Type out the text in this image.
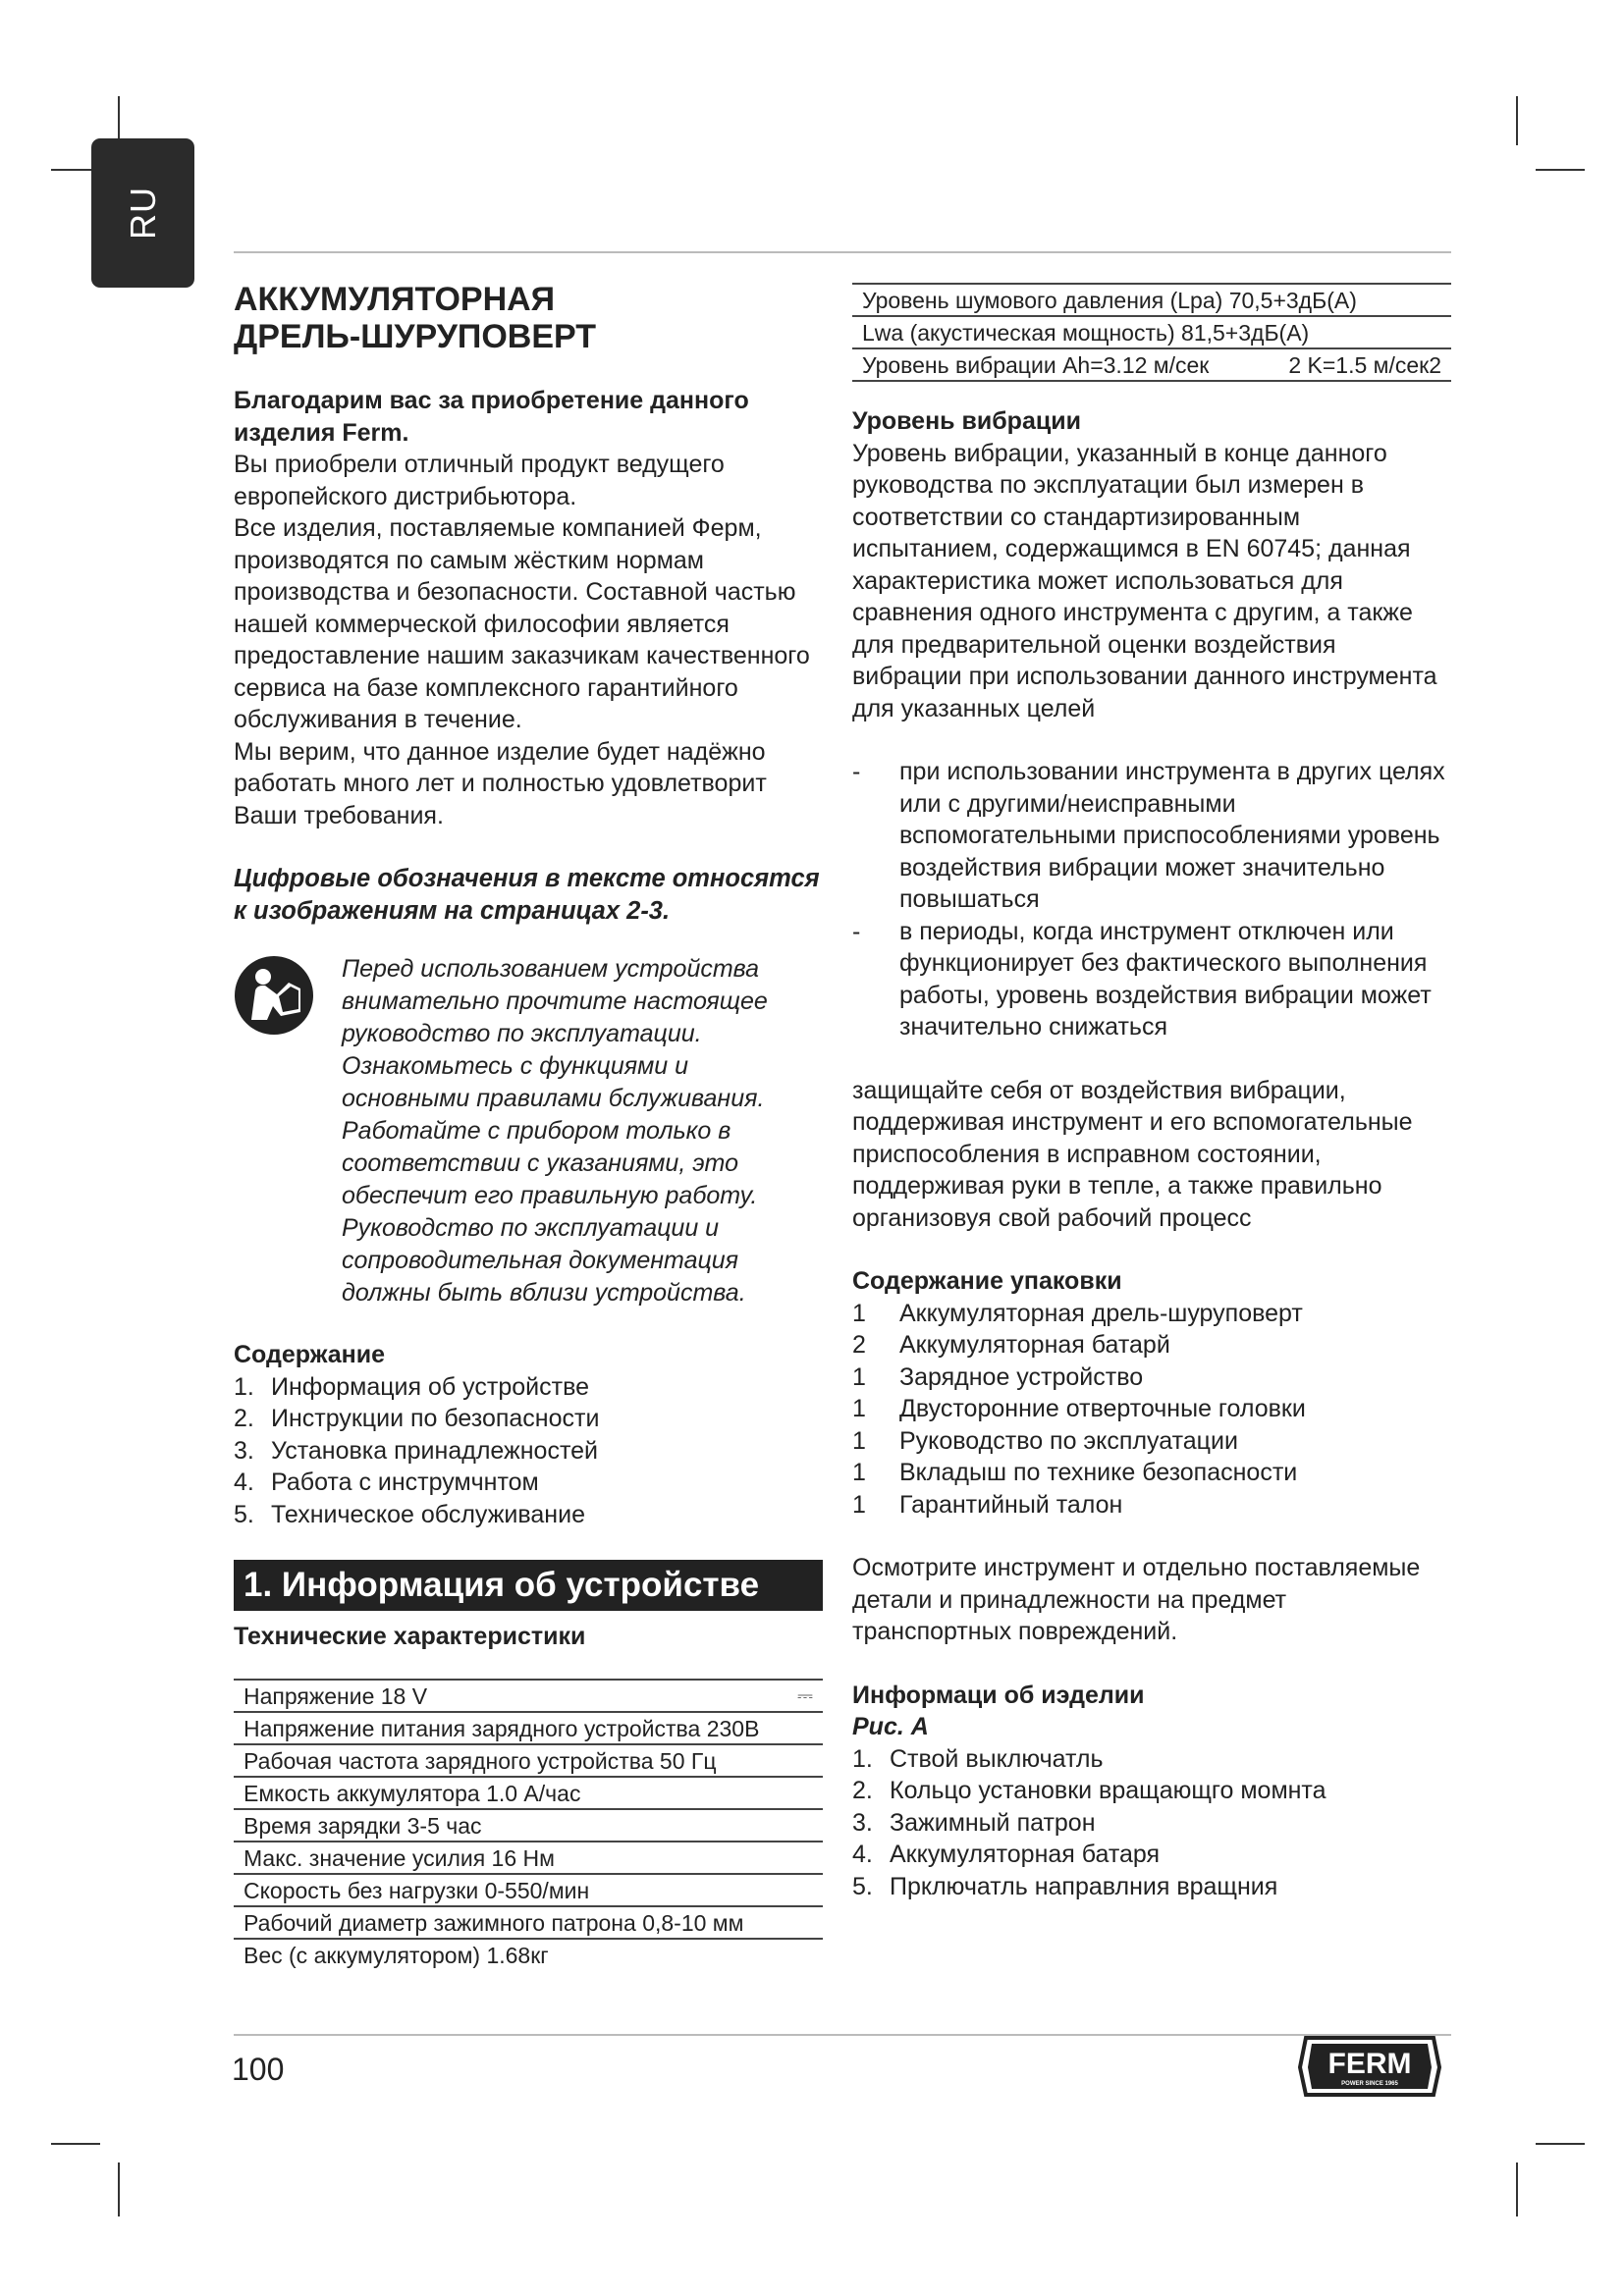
RU
АККУМУЛЯТОРНАЯ
ДРЕЛЬ-ШУРУПОВЕРТ

Благодарим вас за приобретение данного изделия Ferm.

Вы приобрели отличный продукт ведущего европейского дистрибьютора.

Все изделия, поставляемые компанией Ферм, производятся по самым жёстким нормам производства и безопасности. Составной частью нашей коммерческой философии является предоставление нашим заказчикам качественного сервиса на базе комплексного гарантийного обслуживания в течение.

Мы верим, что данное изделие будет надёжно работать много лет и полностью удовлетворит Ваши требования.

Цифровые обозначения в тексте относятся к изображениям на страницах 2-3.

Перед использованием устройства внимательно прочтите настоящее руководство по эксплуатации. Ознакомьтесь с функциями и основными правилами бслуживания. Работайте с прибором только в соответствии с указаниями, это обеспечит его правильную работу. Руководство по эксплуатации и сопроводительная документация должны быть вблизи устройства.

Содержание

1. Информация об устройстве
2. Инструкции по безопасности
3. Установка принадлежностей
4. Работа с инструмчнтом
5. Техническое обслуживание
1. Информация об устройстве

Технические характеристики

Напряжение 18 V	⎓
Напряжение питания зарядного устройства 230В
Рабочая частота зарядного устройства 50 Гц
Емкость аккумулятора 1.0 А/час
Время зарядки 3-5 час
Макс. значение усилия 16 Нм
Скорость без нагрузки 0-550/мин
Рабочий диаметр зажимного патрона 0,8-10 мм
Вес (с аккумулятором) 1.68кг
Уровень шумового давления (Lpa) 70,5+3дБ(A)
Lwa (акустическая мощность) 81,5+3дБ(A)
Уровень вибрации Ah=3.12 м/сек	2 K=1.5 м/сек2

Уровень вибрации

Уровень вибрации, указанный в конце данного руководства по эксплуатации был измерен в соответствии со стандартизированным испытанием, содержащимся в EN 60745; данная характеристика может использоваться для сравнения одного инструмента с другим, а также для предварительной оценки воздействия вибрации при использовании данного инструмента для указанных целей

- при использовании инструмента в других целях или с другими/неисправными вспомогательными приспособлениями уровень воздействия вибрации может значительно повышаться
- в периоды, когда инструмент отключен или функционирует без фактического выполнения работы, уровень воздействия вибрации может значительно снижаться

защищайте себя от воздействия вибрации, поддерживая инструмент и его вспомогательные приспособления в исправном состоянии, поддерживая руки в тепле, а также правильно организовуя свой рабочий процесс

Содержание упаковки

1 Аккумуляторная дрель-шуруповерт
2 Аккумуляторная батарй
1 Зарядное устройство
1 Двусторонние отверточные головки
1 Руководство по эксплуатации
1 Вкладыш по технике безопасности
1 Гарантийный талон

Осмотрите инструмент и отдельно поставляемые детали и принадлежности на предмет транспортных повреждений.

Информаци об иэделии

Рис. A

1. Ствой выключатль
2. Кольцо установки вращающго момнта
3. Зажимный патрон
4. Аккумуляторная батаря
5. Прключатль направлния вращния
100	FERM
POWER SINCE 1965
